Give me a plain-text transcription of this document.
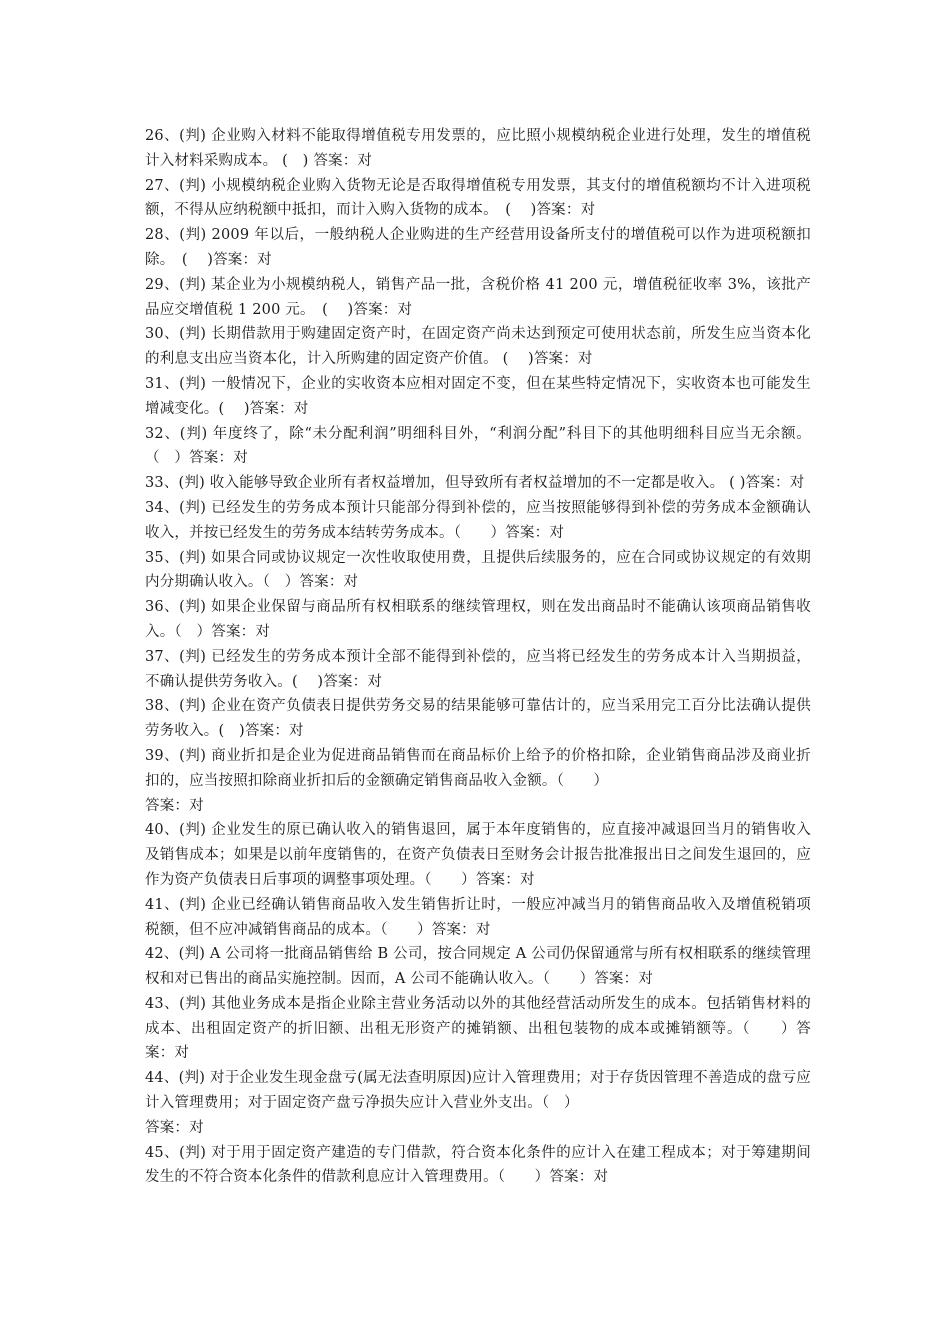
26、(判) 企业购入材料不能取得增值税专用发票的，应比照小规模纳税企业进行处理，发生的增值税计入材料采购成本。 (　) 答案：对

27、(判) 小规模纳税企业购入货物无论是否取得增值税专用发票，其支付的增值税额均不计入进项税额，不得从应纳税额中抵扣，而计入购入货物的成本。　(　 )答案：对

28、(判) 2009 年以后，一般纳税人企业购进的生产经营用设备所支付的增值税可以作为进项税额扣除。　(　 )答案：对

29、(判) 某企业为小规模纳税人，销售产品一批，含税价格 41 200 元，增值税征收率 3%，该批产品应交增值税 1 200 元。　(　 )答案：对

30、(判) 长期借款用于购建固定资产时，在固定资产尚未达到预定可使用状态前，所发生应当资本化的利息支出应当资本化，计入所购建的固定资产价值。 (　 )答案：对

31、(判) 一般情况下，企业的实收资本应相对固定不变，但在某些特定情况下，实收资本也可能发生增减变化。(　 )答案：对

32、(判) 年度终了，除“未分配利润”明细科目外，“利润分配”科目下的其他明细科目应当无余额。（　）答案：对

33、(判) 收入能够导致企业所有者权益增加，但导致所有者权益增加的不一定都是收入。 ( )答案：对

34、(判) 已经发生的劳务成本预计只能部分得到补偿的，应当按照能够得到补偿的劳务成本金额确认收入，并按已经发生的劳务成本结转劳务成本。（　　）答案：对

35、(判) 如果合同或协议规定一次性收取使用费，且提供后续服务的，应在合同或协议规定的有效期内分期确认收入。（　）答案：对

36、(判) 如果企业保留与商品所有权相联系的继续管理权，则在发出商品时不能确认该项商品销售收入。（　）答案：对

37、(判) 已经发生的劳务成本预计全部不能得到补偿的，应当将已经发生的劳务成本计入当期损益，不确认提供劳务收入。(　 )答案：对

38、(判) 企业在资产负债表日提供劳务交易的结果能够可靠估计的，应当采用完工百分比法确认提供劳务收入。(　)答案：对

39、(判) 商业折扣是企业为促进商品销售而在商品标价上给予的价格扣除，企业销售商品涉及商业折扣的，应当按照扣除商业折扣后的金额确定销售商品收入金额。（　　）
答案：对

40、(判) 企业发生的原已确认收入的销售退回，属于本年度销售的，应直接冲减退回当月的销售收入及销售成本；如果是以前年度销售的，在资产负债表日至财务会计报告批准报出日之间发生退回的，应作为资产负债表日后事项的调整事项处理。（　　）答案：对

41、(判) 企业已经确认销售商品收入发生销售折让时，一般应冲减当月的销售商品收入及增值税销项税额，但不应冲减销售商品的成本。（　　）答案：对

42、(判) A 公司将一批商品销售给 B 公司，按合同规定 A 公司仍保留通常与所有权相联系的继续管理权和对已售出的商品实施控制。因而，A 公司不能确认收入。（　　）答案：对

43、(判) 其他业务成本是指企业除主营业务活动以外的其他经营活动所发生的成本。包括销售材料的成本、出租固定资产的折旧额、出租无形资产的摊销额、出租包装物的成本或摊销额等。（　　）答案：对

44、(判) 对于企业发生现金盘亏(属无法查明原因)应计入管理费用；对于存货因管理不善造成的盘亏应计入管理费用；对于固定资产盘亏净损失应计入营业外支出。（　）
答案：对

45、(判) 对于用于固定资产建造的专门借款，符合资本化条件的应计入在建工程成本；对于筹建期间发生的不符合资本化条件的借款利息应计入管理费用。（　　）答案：对
